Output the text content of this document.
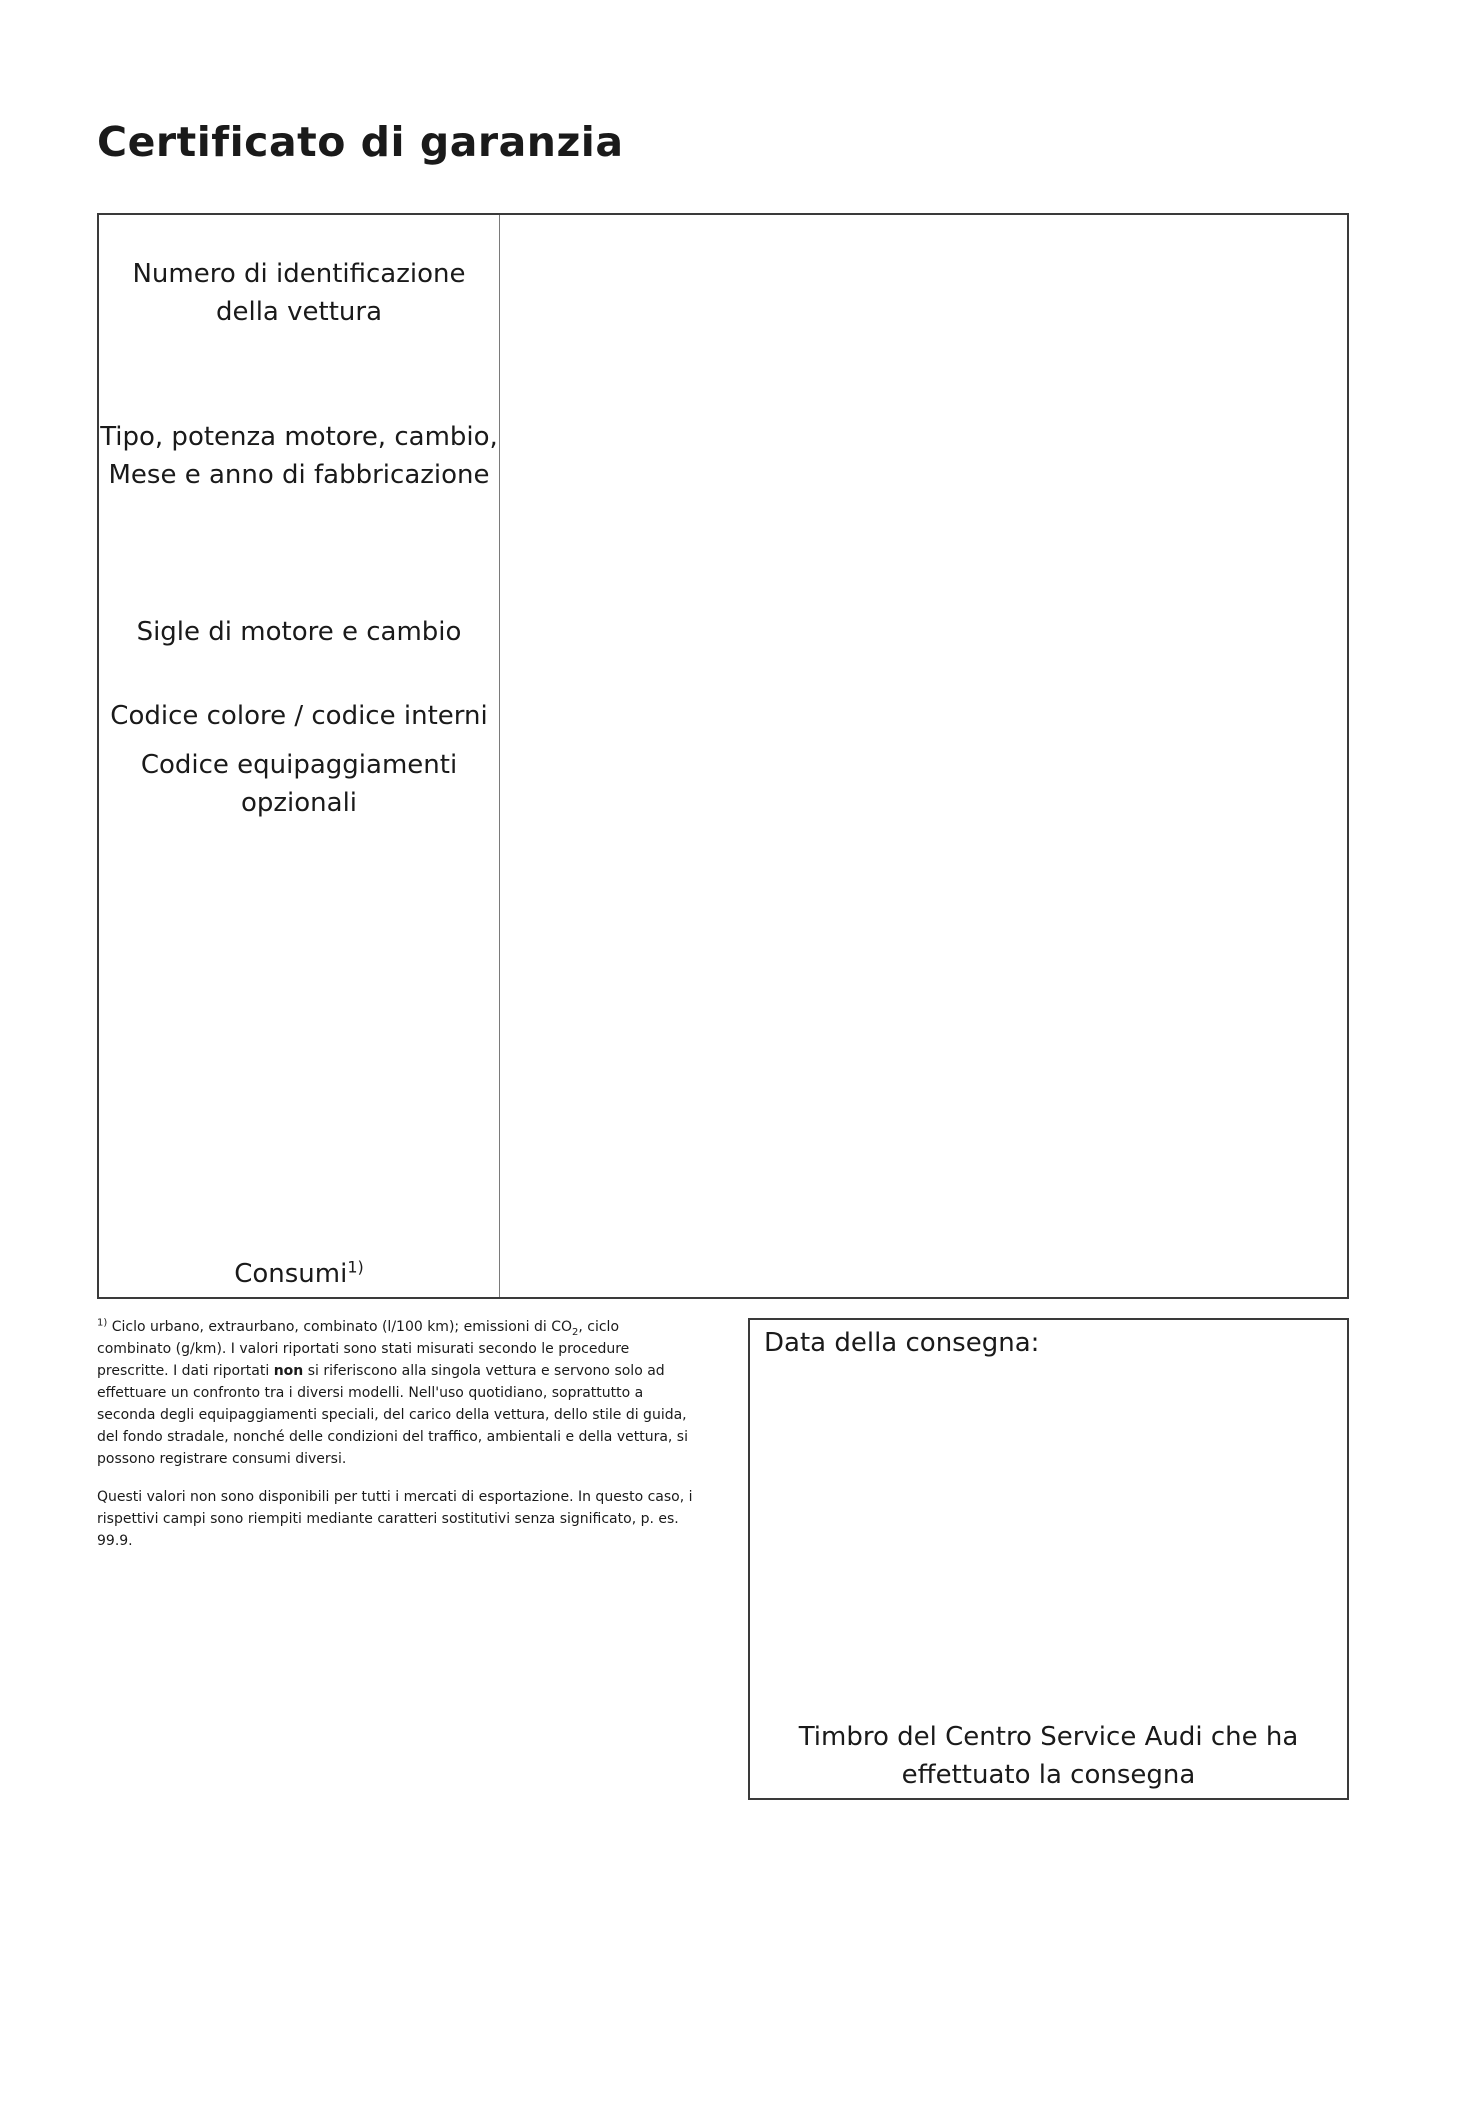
Certificato di garanzia
Numero di identificazione della vettura
Tipo, potenza motore, cambio, Mese e anno di fabbricazione
Sigle di motore e cambio
Codice colore / codice interni
Codice equipaggiamenti opzionali
Consumi$^{1)}$

$^{1)}$ Ciclo urbano, extraurbano, combinato (l/100 km); emissioni di $CO_2$, ciclo combinato (g/km). I valori riportati sono stati misurati secondo le procedure prescritte. I dati riportati non si riferiscono alla singola vettura e servono solo ad effettuare un confronto tra i diversi modelli. Nell'uso quotidiano, soprattutto a seconda degli equipaggiamenti speciali, del carico della vettura, dello stile di guida, del fondo stradale, nonché delle condizioni del traffico, ambientali e della vettura, si possono registrare consumi diversi.

Questi valori non sono disponibili per tutti i mercati di esportazione. In questo caso, i rispettivi campi sono riempiti mediante caratteri sostitutivi senza significato, p. es. 99.9.

Data della consegna:
Timbro del Centro Service Audi che ha effettuato la consegna
